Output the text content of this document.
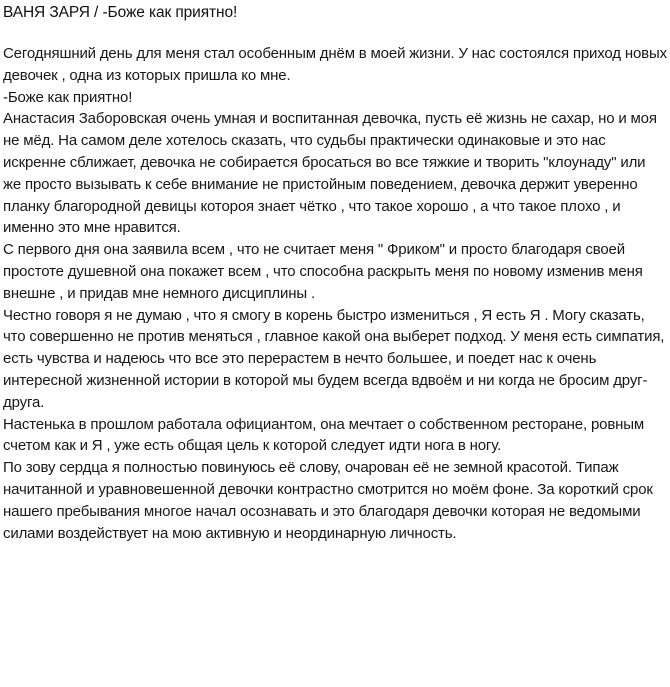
ВАНЯ ЗАРЯ / -Боже как приятно!

Сегодняшний день для меня стал особенным днём в моей жизни. У нас состоялся приход новых девочек , одна из которых пришла ко мне.

-Боже как приятно!

Анастасия Заборовская очень умная и воспитанная девочка, пусть её жизнь не сахар, но и моя не мёд. На самом деле хотелось сказать, что судьбы практически одинаковые и это нас искренне сближает, девочка не собирается бросаться во все тяжкие и творить "клоунаду" или же просто вызывать к себе внимание не пристойным поведением, девочка держит уверенно планку благородной девицы котороя знает чётко , что такое хорошо , а что такое плохо , и именно это мне нравится.

С первого дня она заявила всем , что не считает меня " Фриком" и просто благодаря своей простоте душевной она покажет всем , что способна раскрыть меня по новому изменив меня внешне , и придав мне немного дисциплины .

Честно говоря я не думаю , что я смогу в корень быстро измениться , Я есть Я . Могу сказать, что совершенно не против меняться , главное какой она выберет подход. У меня есть симпатия, есть чувства и надеюсь что все это перерастем в нечто большее, и поедет нас к очень интересной жизненной истории в которой мы будем всегда вдвоём и ни когда не бросим друг-друга.

Настенька в прошлом работала официантом, она мечтает о собственном ресторане, ровным счетом как и Я , уже есть общая цель к которой следует идти нога в ногу.

По зову сердца я полностью повинуюсь её слову, очарован её не земной красотой. Типаж начитанной и уравновешенной девочки контрастно смотрится но моём фоне. За короткий срок нашего пребывания многое начал осознавать и это благодаря девочки которая не ведомыми силами воздействует на мою активную и неординарную личность.
